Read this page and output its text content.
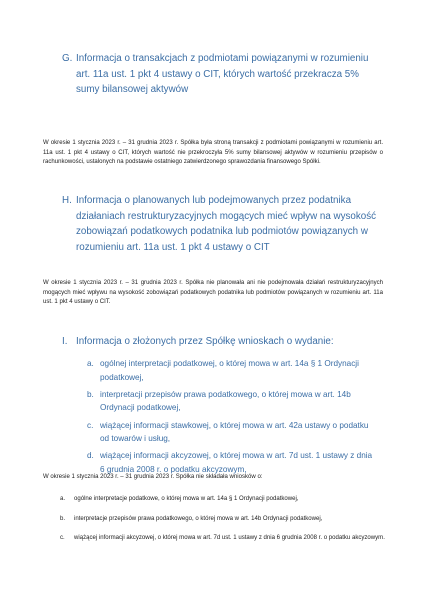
G. Informacja o transakcjach z podmiotami powiązanymi w rozumieniu art. 11a ust. 1 pkt 4 ustawy o CIT, których wartość przekracza 5% sumy bilansowej aktywów

W okresie 1 stycznia 2023 r. – 31 grudnia 2023 r. Spółka była stroną transakcji z podmiotami powiązanymi w rozumieniu art. 11a ust. 1 pkt 4 ustawy o CIT, których wartość nie przekroczyła 5% sumy bilansowej aktywów w rozumieniu przepisów o rachunkowości, ustalonych na podstawie ostatniego zatwierdzonego sprawozdania finansowego Spółki.

H. Informacja o planowanych lub podejmowanych przez podatnika działaniach restrukturyzacyjnych mogących mieć wpływ na wysokość zobowiązań podatkowych podatnika lub podmiotów powiązanych w rozumieniu art. 11a ust. 1 pkt 4 ustawy o CIT

W okresie 1 stycznia 2023 r. – 31 grudnia 2023 r. Spółka nie planowała ani nie podejmowała działań restrukturyzacyjnych mogących mieć wpływu na wysokość zobowiązań podatkowych podatnika lub podmiotów powiązanych w rozumieniu art. 11a ust. 1 pkt 4 ustawy o CIT.

I. Informacja o złożonych przez Spółkę wnioskach o wydanie:
a. ogólnej interpretacji podatkowej, o której mowa w art. 14a § 1 Ordynacji podatkowej,
b. interpretacji przepisów prawa podatkowego, o której mowa w art. 14b Ordynacji podatkowej,
c. wiążącej informacji stawkowej, o której mowa w art. 42a ustawy o podatku od towarów i usług,
d. wiążącej informacji akcyzowej, o której mowa w art. 7d ust. 1 ustawy z dnia 6 grudnia 2008 r. o podatku akcyzowym,

W okresie 1 stycznia 2023 r. – 31 grudnia 2023 r. Spółka nie składała wniosków o:

a. ogólne interpretacje podatkowe, o której mowa w art. 14a § 1 Ordynacji podatkowej,
b. interpretacje przepisów prawa podatkowego, o której mowa w art. 14b Ordynacji podatkowej,
c. wiążącej informacji akcyzowej, o której mowa w art. 7d ust. 1 ustawy z dnia 6 grudnia 2008 r. o podatku akcyzowym.
